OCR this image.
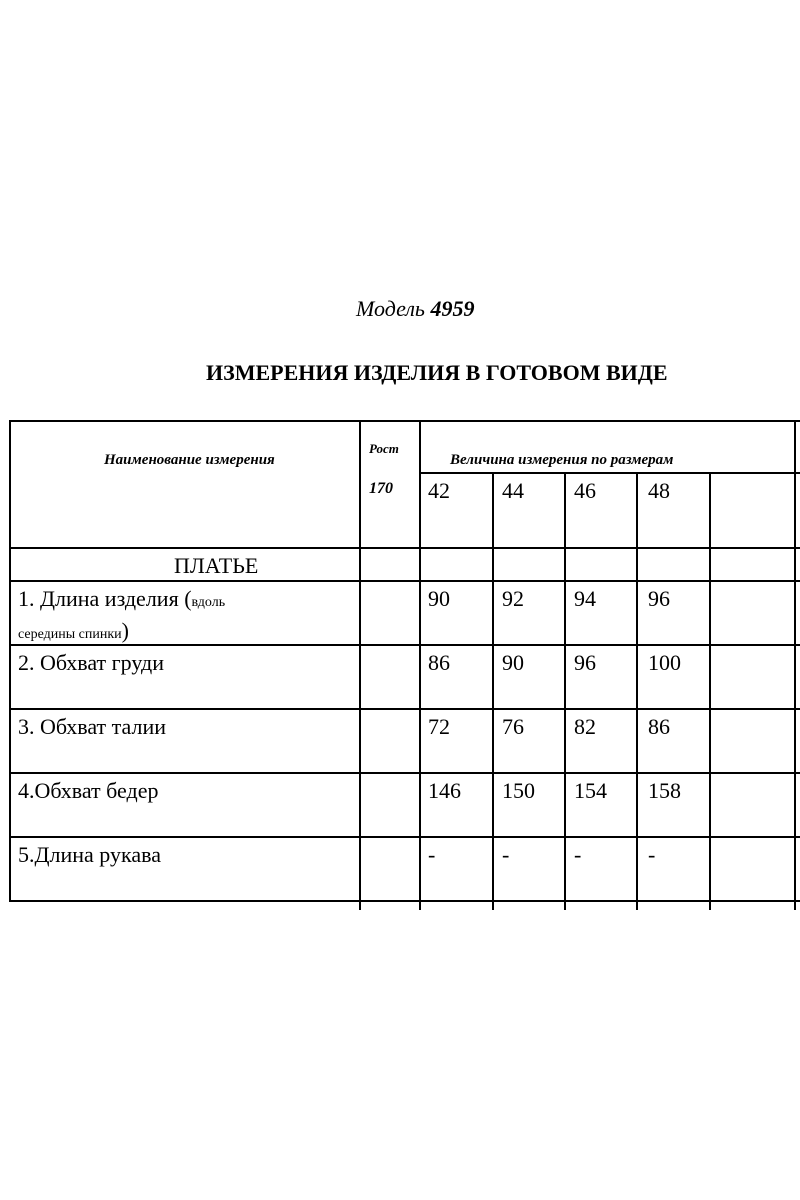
Модель 4959
ИЗМЕРЕНИЯ ИЗДЕЛИЯ В ГОТОВОМ ВИДЕ
Наименование измерения
Рост
170
Величина измерения по размерам
42 44 46 48
ПЛАТЬЕ
1. Длина изделия (вдоль
середины спинки)
90 92 94 96
2. Обхват груди	86 90 96 100
3. Обхват талии	72 76 82 86
4.Обхват бедер	146 150 154 158
5.Длина рукава	-	-	-	-
